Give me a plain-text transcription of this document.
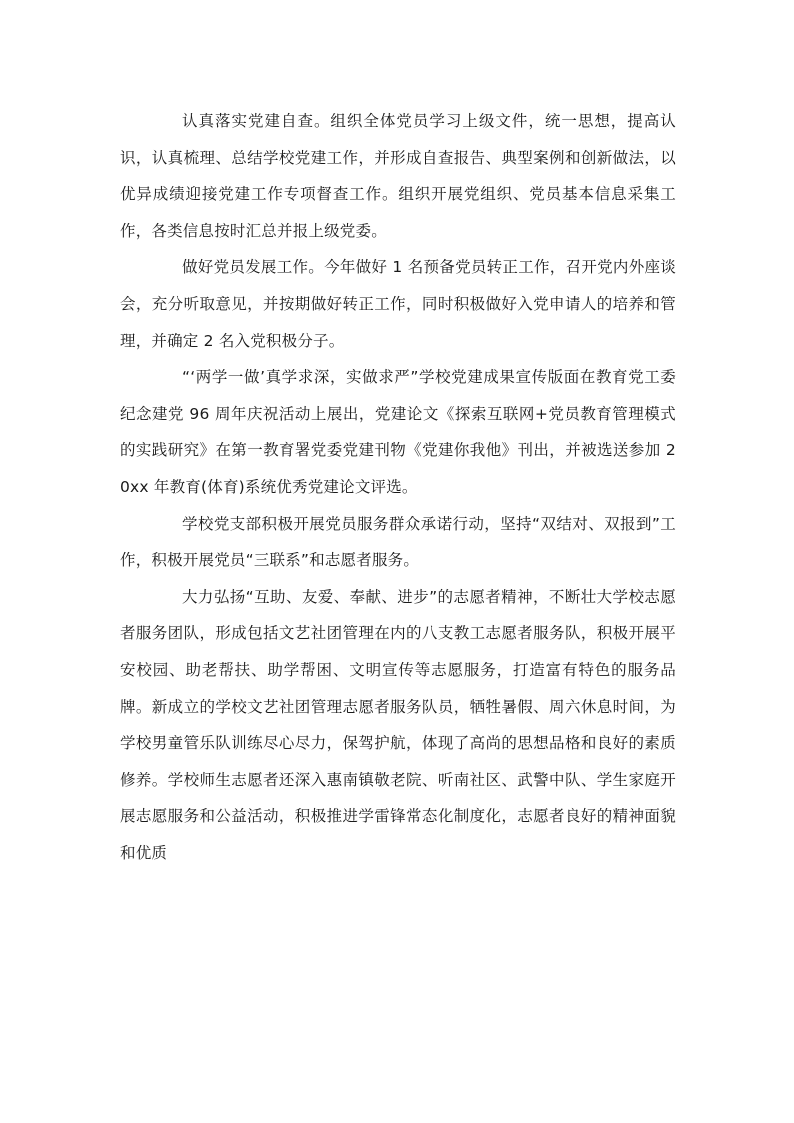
认真落实党建自查。组织全体党员学习上级文件，统一思想，提高认识，认真梳理、总结学校党建工作，并形成自查报告、典型案例和创新做法，以优异成绩迎接党建工作专项督查工作。组织开展党组织、党员基本信息采集工作，各类信息按时汇总并报上级党委。

做好党员发展工作。今年做好 1 名预备党员转正工作，召开党内外座谈会，充分听取意见，并按期做好转正工作，同时积极做好入党申请人的培养和管理，并确定 2 名入党积极分子。

“‘两学一做’真学求深，实做求严”学校党建成果宣传版面在教育党工委纪念建党 96 周年庆祝活动上展出，党建论文《探索互联网+党员教育管理模式的实践研究》在第一教育署党委党建刊物《党建你我他》刊出，并被选送参加 20xx 年教育(体育)系统优秀党建论文评选。

学校党支部积极开展党员服务群众承诺行动，坚持“双结对、双报到”工作，积极开展党员“三联系”和志愿者服务。

大力弘扬“互助、友爱、奉献、进步”的志愿者精神，不断壮大学校志愿者服务团队，形成包括文艺社团管理在内的八支教工志愿者服务队，积极开展平安校园、助老帮扶、助学帮困、文明宣传等志愿服务，打造富有特色的服务品牌。新成立的学校文艺社团管理志愿者服务队员，牺牲暑假、周六休息时间，为学校男童管乐队训练尽心尽力，保驾护航，体现了高尚的思想品格和良好的素质修养。学校师生志愿者还深入惠南镇敬老院、听南社区、武警中队、学生家庭开展志愿服务和公益活动，积极推进学雷锋常态化制度化，志愿者良好的精神面貌和优质
